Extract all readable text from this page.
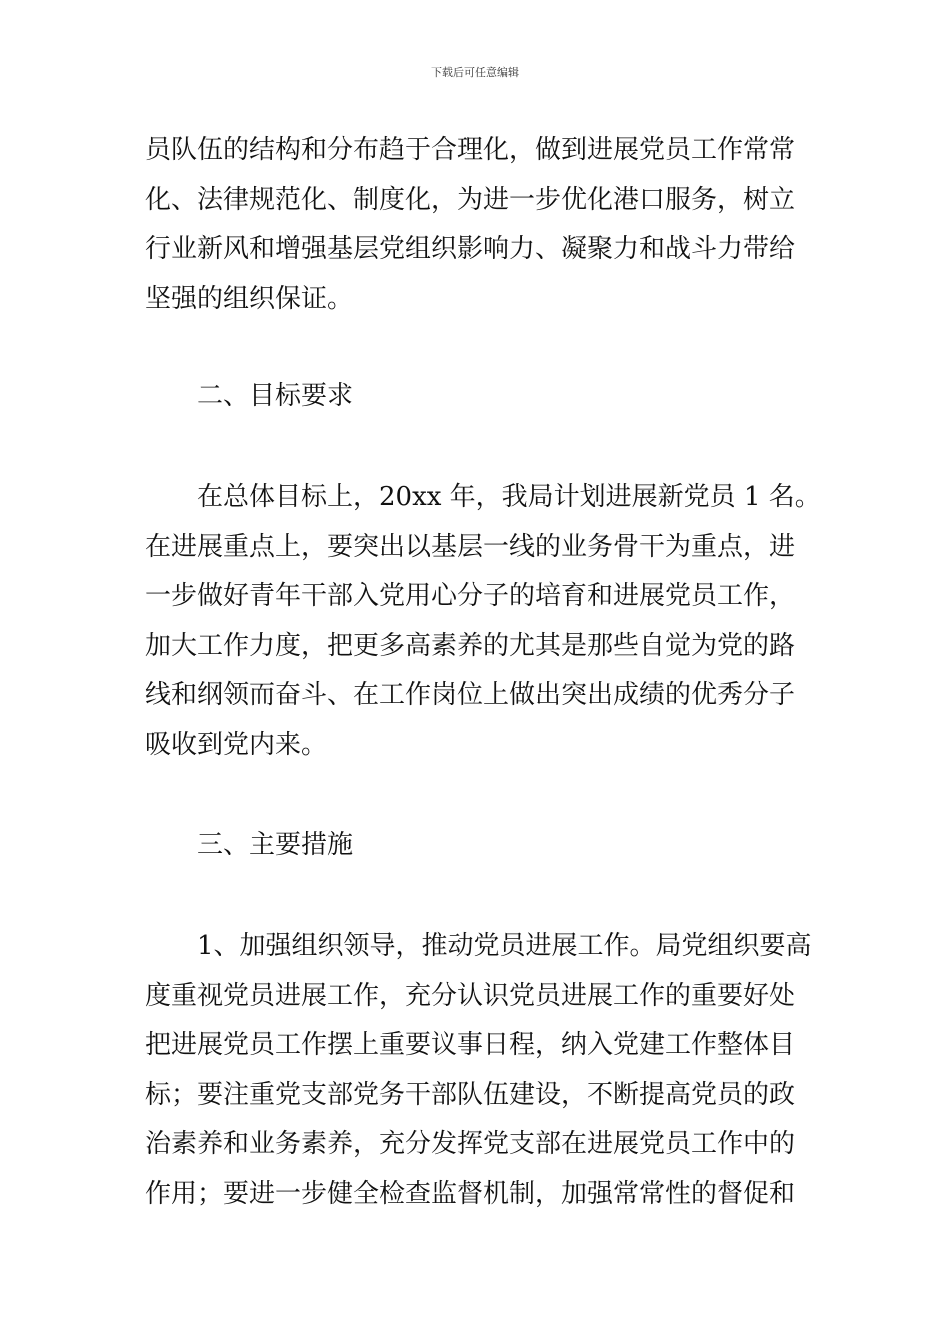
下载后可任意编辑
员队伍的结构和分布趋于合理化，做到进展党员工作常常
化、法律规范化、制度化，为进一步优化港口服务，树立
行业新风和增强基层党组织影响力、凝聚力和战斗力带给
坚强的组织保证。
二、目标要求
在总体目标上，20xx 年，我局计划进展新党员 1 名。
在进展重点上，要突出以基层一线的业务骨干为重点，进
一步做好青年干部入党用心分子的培育和进展党员工作，
加大工作力度，把更多高素养的尤其是那些自觉为党的路
线和纲领而奋斗、在工作岗位上做出突出成绩的优秀分子
吸收到党内来。
三、主要措施
1、加强组织领导，推动党员进展工作。局党组织要高
度重视党员进展工作，充分认识党员进展工作的重要好处
把进展党员工作摆上重要议事日程，纳入党建工作整体目
标；要注重党支部党务干部队伍建设，不断提高党员的政
治素养和业务素养，充分发挥党支部在进展党员工作中的
作用；要进一步健全检查监督机制，加强常常性的督促和
